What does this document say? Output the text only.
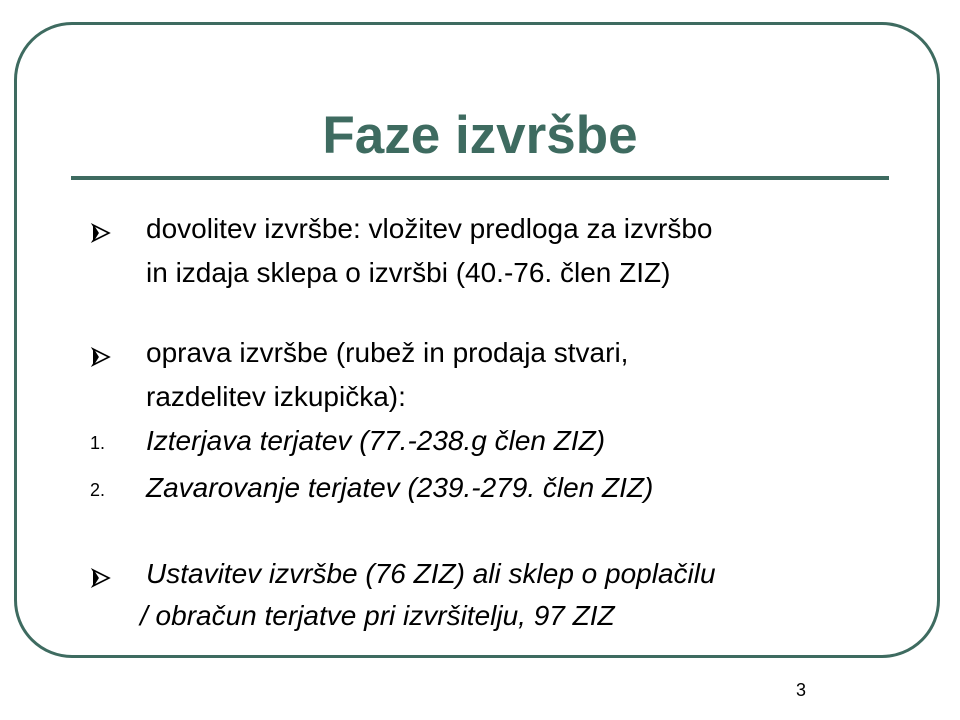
Faze izvršbe
dovolitev izvršbe: vložitev predloga za izvršbo
in izdaja sklepa o izvršbi (40.-76. člen ZIZ)
oprava izvršbe (rubež in prodaja stvari,
razdelitev izkupička):
1. Izterjava terjatev (77.-238.g člen ZIZ)
2. Zavarovanje terjatev (239.-279. člen ZIZ)
Ustavitev izvršbe (76 ZIZ) ali sklep o poplačilu
/ obračun terjatve pri izvršitelju, 97 ZIZ
3
